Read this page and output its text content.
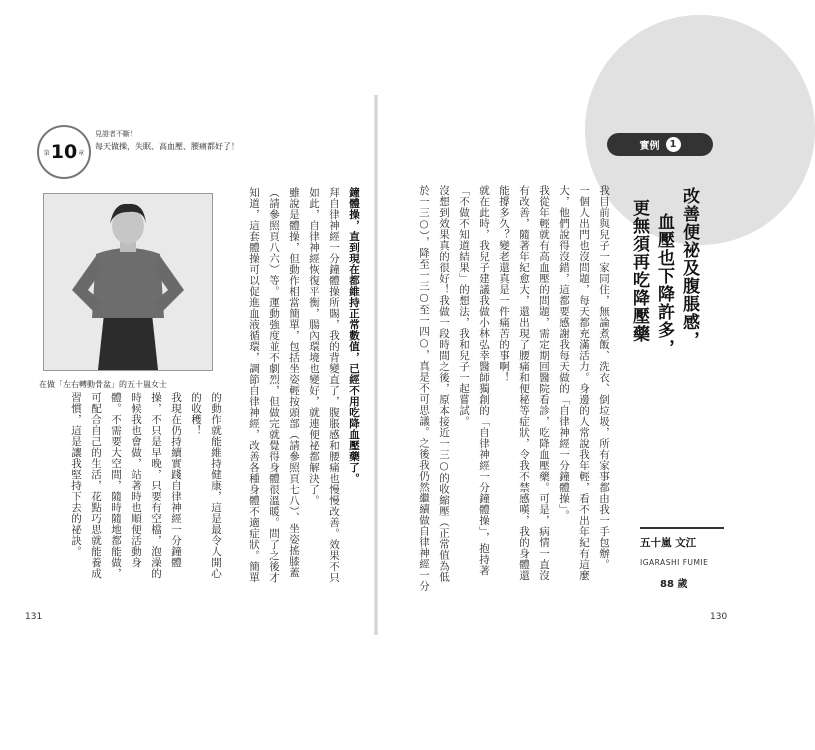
第 10 章
見證者不斷！
每天做操，失眠、高血壓、腰痛都好了！	實例	1
改善便祕及腹脹感，
血壓也下降許多，
更無須再吃降壓藥
五十嵐 文江
IGARASHI FUMIE
88 歲
我目前與兒子一家同住，無論煮飯、洗衣、倒垃圾，所有家事都由我一手包辦。
一個人出門也沒問題，每天都充滿活力。身邊的人常說我年輕，看不出年紀有這麼
大，他們說得沒錯，這都要感謝我每天做的「自律神經一分鐘體操」。
我從年輕就有高血壓的問題，需定期回醫院看診，吃降血壓藥。可是，病情一直沒
有改善，隨著年紀愈大，還出現了腰痛和便秘等症狀，令我不禁感嘆，我的身體還
能撐多久？變老還真是一件痛苦的事啊！
就在此時，我兒子建議我做小林弘幸醫師獨創的「自律神經一分鐘體操」，抱持著
「不做不知道結果」的想法，我和兒子一起嘗試。
沒想到效果真的很好！我做一段時間之後，原本接近一三○的收縮壓（正常值為低
於一三○），降至一三○至一四○，真是不可思議。之後我仍然繼續做自律神經一分
鐘體操，直到現在都維持正常數值，已經不用吃降血壓藥了。
拜自律神經一分鐘體操所賜，我的背變直了，腹脹感和腰痛也慢慢改善。效果不只
如此，自律神經恢復平衡，腸內環境也變好，就連便祕都解決了。
雖說是體操，但動作相當簡單，包括坐姿輕按頭部（請參照頁七八）、坐姿搖膝蓋
（請參照頁八六）等。運動強度並不劇烈，但做完就覺得身體很溫暖。問了之後才
知道，這套體操可以促進血液循環，調節自律神經，改善各種身體不適症狀。簡單
的動作就能維持健康，這是最令人開心
的收穫！
我現在仍持續實踐自律神經一分鐘體
操，不只是早晚，只要有空檔，泡澡的
時候我也會做，站著時也順便活動身
體。不需要大空間，隨時隨地都能做，
可配合自己的生活，花點巧思就能養成
習慣，這是讓我堅持下去的祕訣。
在做「左右轉動骨盆」的五十嵐女士
131	130
